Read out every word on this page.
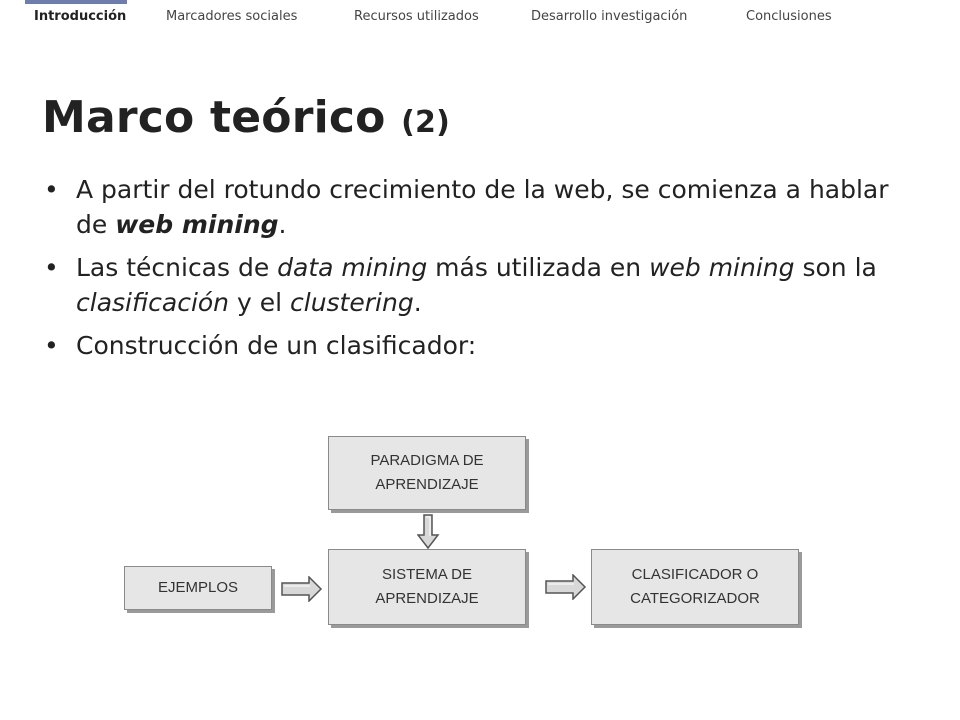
Introducción	Marcadores sociales	Recursos utilizados	Desarrollo investigación	Conclusiones
Marco teórico (2)
• A partir del rotundo crecimiento de la web, se comienza a hablar de web mining.
• Las técnicas de data mining más utilizada en web mining son la clasificación y el clustering.
• Construcción de un clasificador:
PARADIGMA DE
APRENDIZAJE
EJEMPLOS
SISTEMA DE
APRENDIZAJE
CLASIFICADOR O
CATEGORIZADOR
